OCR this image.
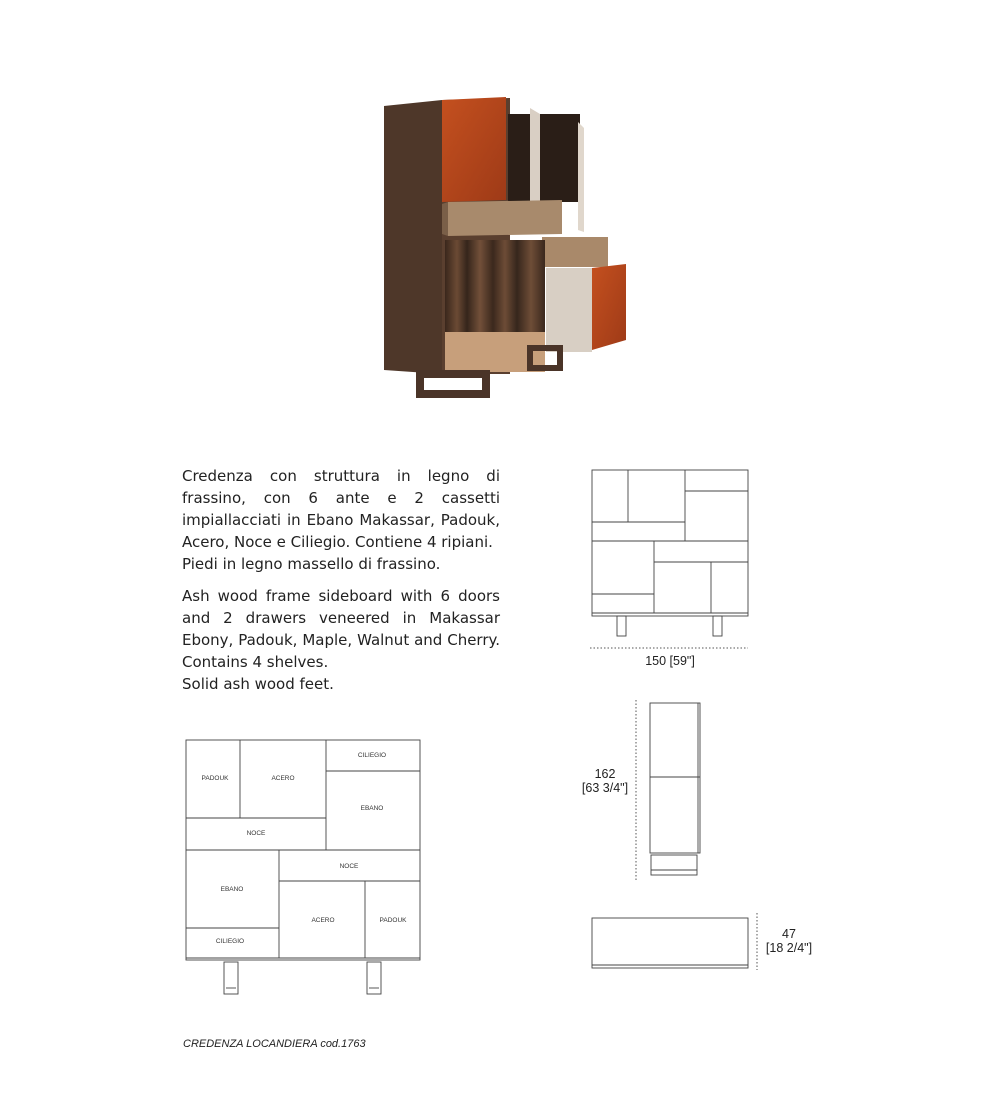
Credenza con struttura in legno di frassino, con 6 ante e 2 cassetti impiallacciati in Ebano Makassar, Padouk, Acero, Noce e Ciliegio. Contiene 4 ripiani.

Piedi in legno massello di frassino.

Ash wood frame sideboard with 6 doors and 2 drawers veneered in Makassar Ebony, Padouk, Maple, Walnut and Cherry. Contains 4 shelves.

Solid ash wood feet.

150 [59"]
162
[63 3/4"]
47
[18 2/4"]
PADOUK	ACERO
CILIEGIO
EBANO
NOCE
NOCE
EBANO
ACERO	PADOUK
CILIEGIO
CREDENZA LOCANDIERA cod.1763
